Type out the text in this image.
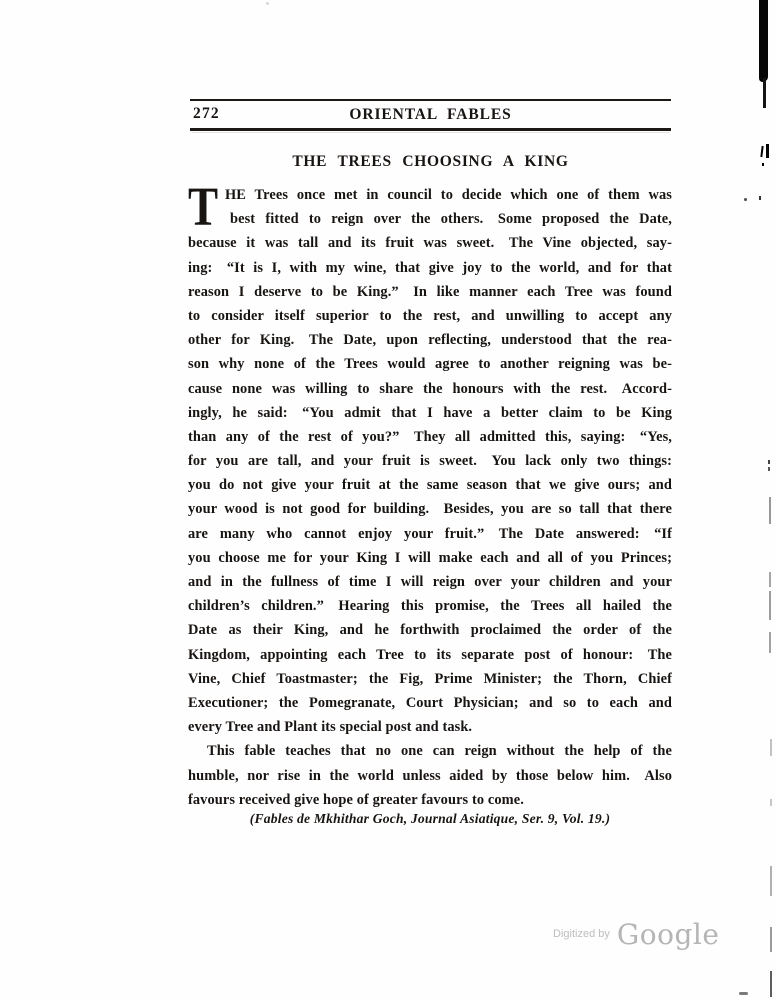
272	ORIENTAL FABLES
THE TREES CHOOSING A KING
T HE Trees once met in council to decide which one of them was
best fitted to reign over the others. Some proposed the Date,
because it was tall and its fruit was sweet. The Vine objected, say-
ing: “It is I, with my wine, that give joy to the world, and for that
reason I deserve to be King.” In like manner each Tree was found
to consider itself superior to the rest, and unwilling to accept any
other for King. The Date, upon reflecting, understood that the rea-
son why none of the Trees would agree to another reigning was be-
cause none was willing to share the honours with the rest. Accord-
ingly, he said: “You admit that I have a better claim to be King
than any of the rest of you?” They all admitted this, saying: “Yes,
for you are tall, and your fruit is sweet. You lack only two things:
you do not give your fruit at the same season that we give ours; and
your wood is not good for building. Besides, you are so tall that there
are many who cannot enjoy your fruit.” The Date answered: “If
you choose me for your King I will make each and all of you Princes;
and in the fullness of time I will reign over your children and your
children’s children.” Hearing this promise, the Trees all hailed the
Date as their King, and he forthwith proclaimed the order of the
Kingdom, appointing each Tree to its separate post of honour: The
Vine, Chief Toastmaster; the Fig, Prime Minister; the Thorn, Chief
Executioner; the Pomegranate, Court Physician; and so to each and
every Tree and Plant its special post and task.
This fable teaches that no one can reign without the help of the
humble, nor rise in the world unless aided by those below him. Also
favours received give hope of greater favours to come.
(Fables de Mkhithar Goch, Journal Asiatique, Ser. 9, Vol. 19.)
Digitized by Google
